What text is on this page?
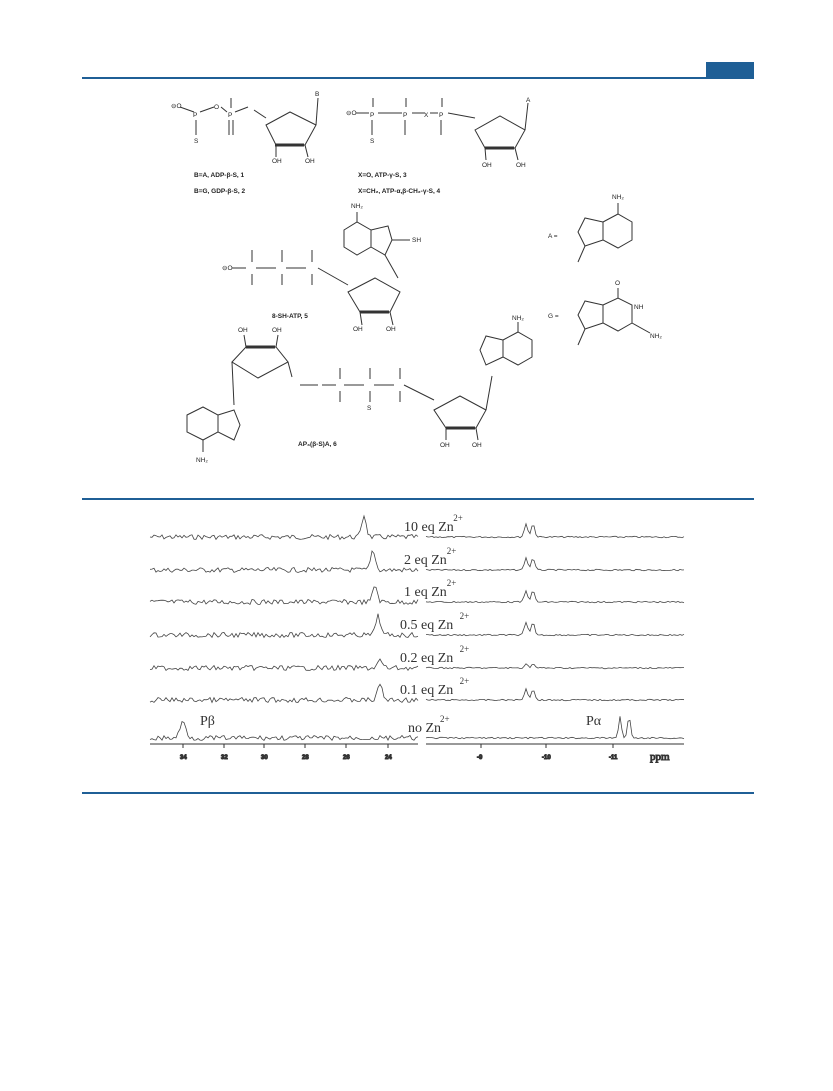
⊖O
P
S
O
P
B
OH	OH
B=A, ADP-β-S, 1
B=G, GDP-β-S, 2
⊖O P
S
P	X P
A
OH	OH
X=O, ATP-γ-S, 3
X=CH₂, ATP-α,β-CH₂-γ-S, 4
NH₂
SH
⊖O
OH	OH
8-SH-ATP, 5
A =
NH₂
G =
O
NH
NH₂
OH	OH
NH₂
S
OH	OH
NH₂
AP₃(β-S)A, 6
10 eq Zn
2+
2 eq Zn
2+
1 eq Zn
2+
0.5 eq Zn
2+
0.2 eq Zn
2+
0.1 eq Zn
2+
no Zn
2+
Pβ	Pα
34	32	30	28	26	24	-9	-10	-11	ppm
